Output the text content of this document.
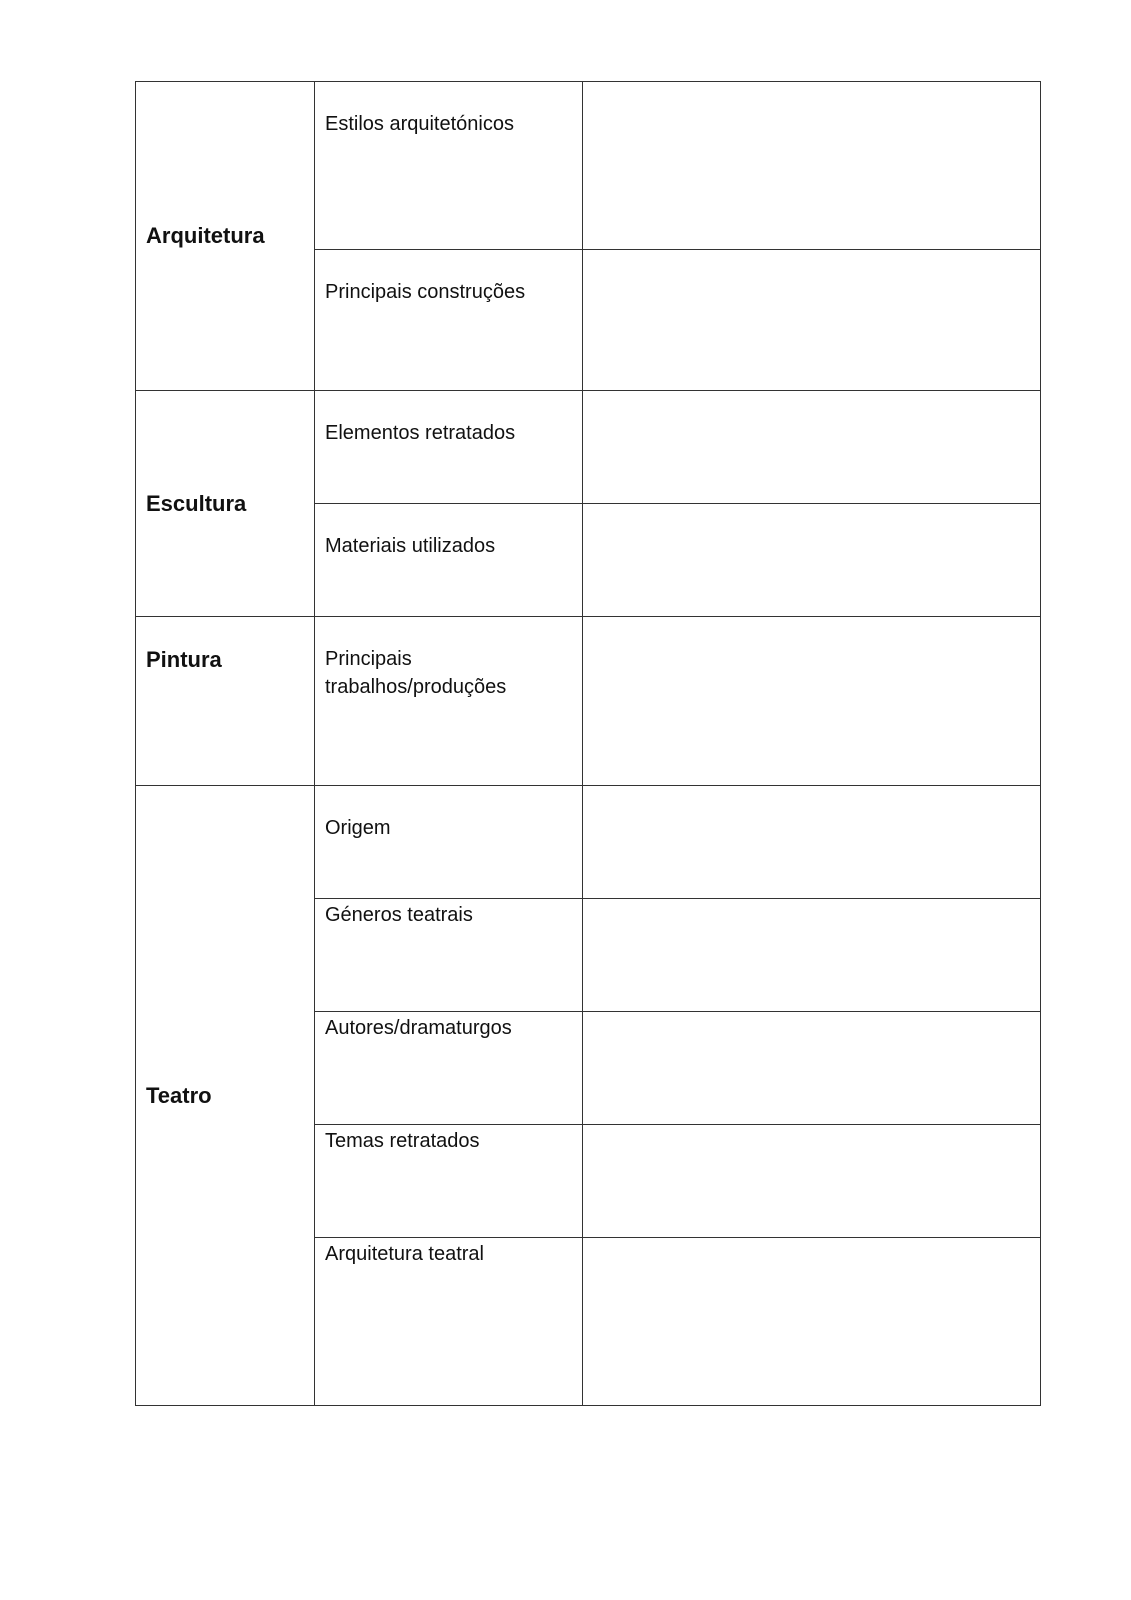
Arquitetura	Estilos arquitetónicos	

	Principais construções	

Escultura	Elementos retratados	

	Materiais utilizados	

Pintura	Principais
trabalhos/produções	

Teatro	Origem	

	Géneros teatrais	

	Autores/dramaturgos	

	Temas retratados	

	Arquitetura teatral	
